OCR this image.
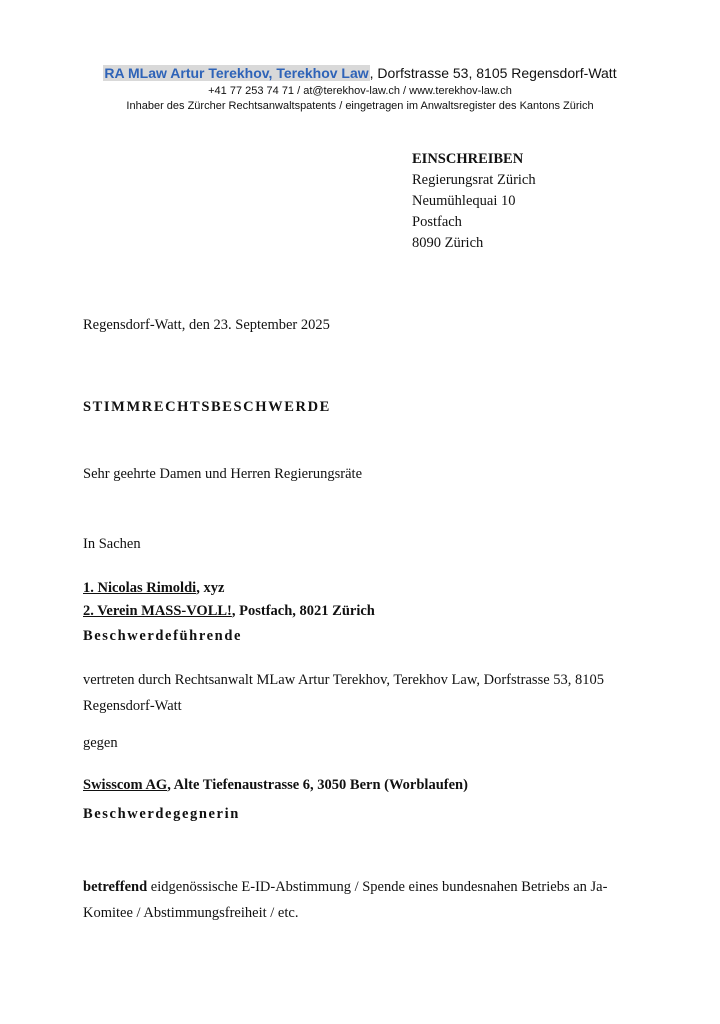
RA MLaw Artur Terekhov, Terekhov Law, Dorfstrasse 53, 8105 Regensdorf-Watt
+41 77 253 74 71 / at@terekhov-law.ch / www.terekhov-law.ch
Inhaber des Zürcher Rechtsanwaltspatents / eingetragen im Anwaltsregister des Kantons Zürich
EINSCHREIBEN
Regierungsrat Zürich
Neumühlequai 10
Postfach
8090 Zürich
Regensdorf-Watt, den 23. September 2025
STIMMRECHTSBESCHWERDE
Sehr geehrte Damen und Herren Regierungsräte
In Sachen
1. Nicolas Rimoldi, xyz
2. Verein MASS-VOLL!, Postfach, 8021 Zürich
Beschwerdeführende
vertreten durch Rechtsanwalt MLaw Artur Terekhov, Terekhov Law, Dorfstrasse 53, 8105 Regensdorf-Watt
gegen
Swisscom AG, Alte Tiefenaustrasse 6, 3050 Bern (Worblaufen)
Beschwerdegegnerin
betreffend eidgenössische E-ID-Abstimmung / Spende eines bundesnahen Betriebs an Ja-Komitee / Abstimmungsfreiheit / etc.
